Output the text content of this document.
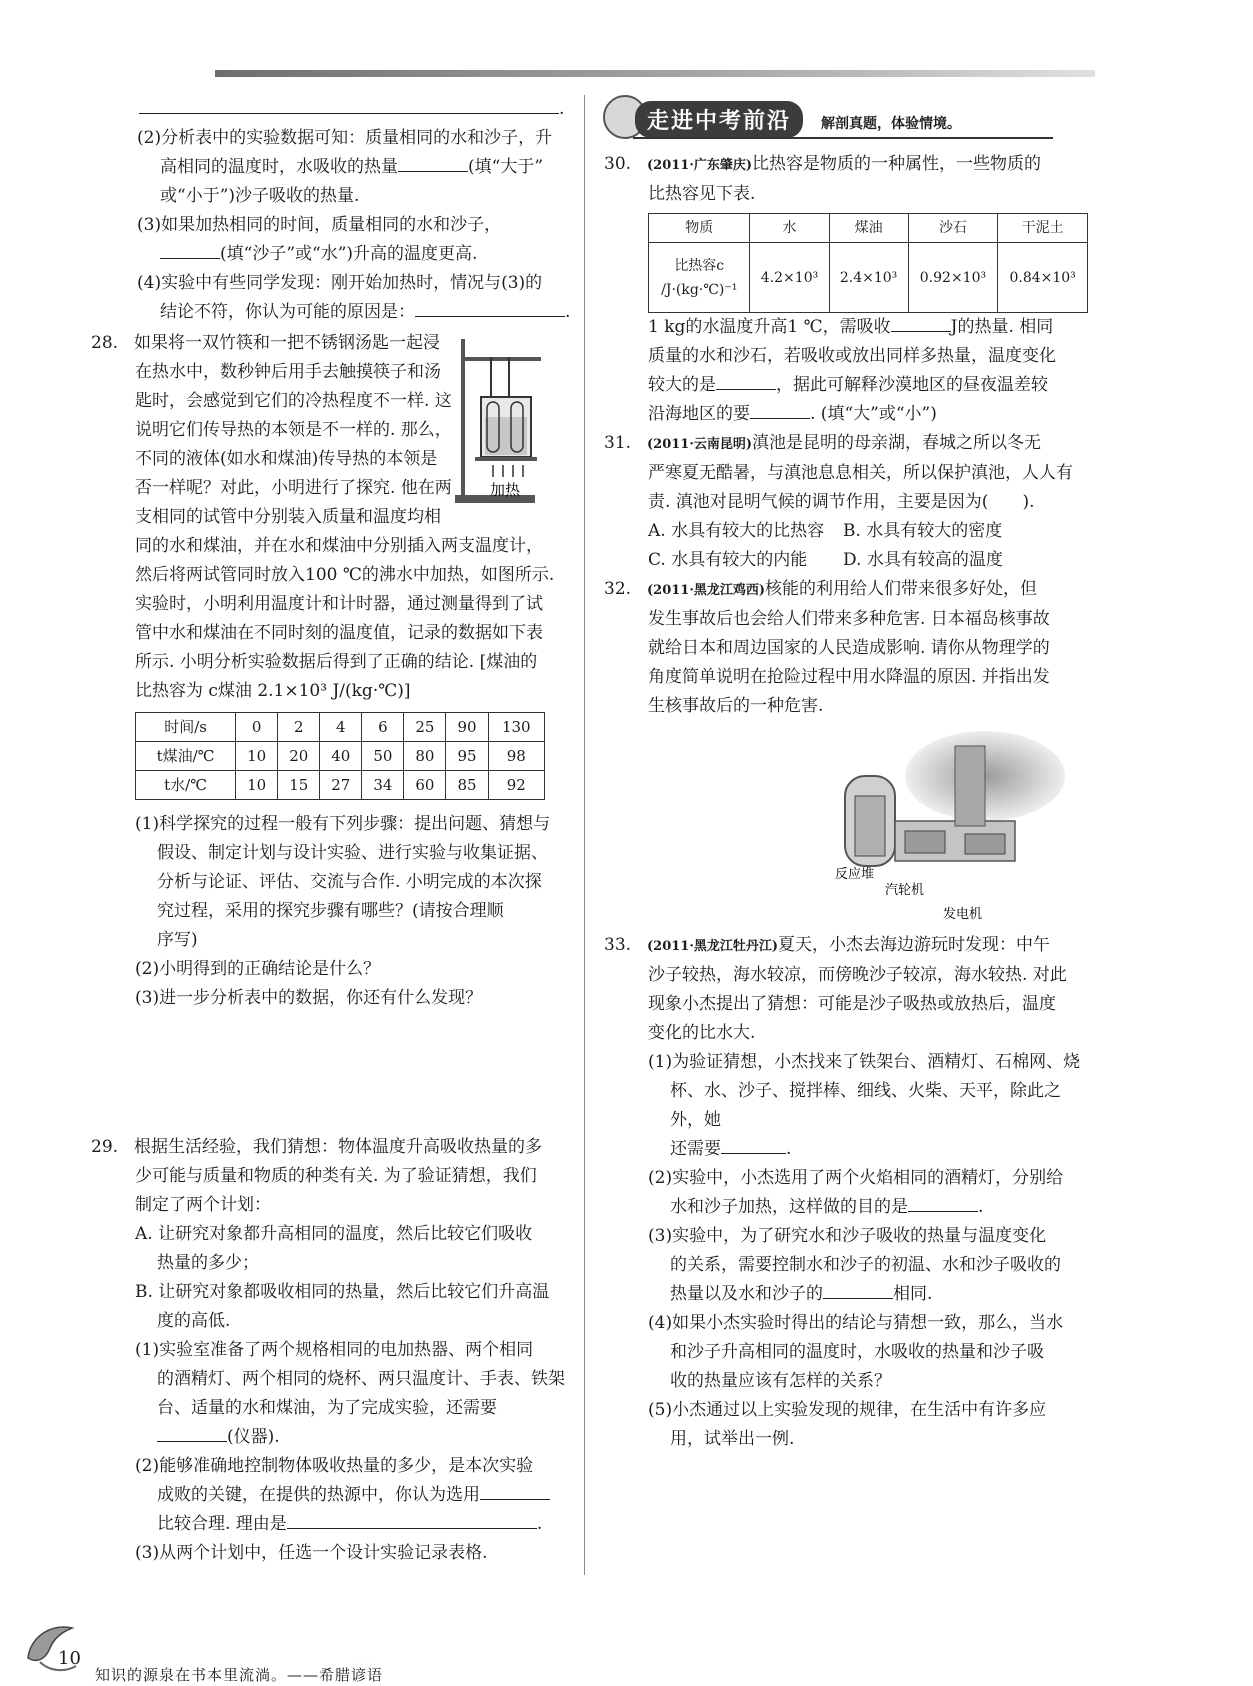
.

(2)分析表中的实验数据可知：质量相同的水和沙子，升

高相同的温度时，水吸收的热量	(填“大于”

或“小于”)沙子吸收的热量.

(3)如果加热相同的时间，质量相同的水和沙子，

(填“沙子”或“水”)升高的温度更高.

(4)实验中有些同学发现：刚开始加热时，情况与(3)的

结论不符，你认为可能的原因是：	.

28. 如果将一双竹筷和一把不锈钢汤匙一起浸

在热水中，数秒钟后用手去触摸筷子和汤

匙时，会感觉到它们的冷热程度不一样. 这

说明它们传导热的本领是不一样的. 那么，

不同的液体(如水和煤油)传导热的本领是

否一样呢？对此，小明进行了探究. 他在两

支相同的试管中分别装入质量和温度均相

同的水和煤油，并在水和煤油中分别插入两支温度计，

然后将两试管同时放入100 ℃的沸水中加热，如图所示.

实验时，小明利用温度计和计时器，通过测量得到了试

管中水和煤油在不同时刻的温度值，记录的数据如下表

所示. 小明分析实验数据后得到了正确的结论. [煤油的

比热容为 c煤油 2.1×10³ J/(kg·℃)]

加热
时间/s	0	2	4	6	25	90	130
t煤油/℃	10	20	40	50	80	95	98
t水/℃	10	15	27	34	60	85	92

(1)科学探究的过程一般有下列步骤：提出问题、猜想与

假设、制定计划与设计实验、进行实验与收集证据、

分析与论证、评估、交流与合作. 小明完成的本次探

究过程，采用的探究步骤有哪些？(请按合理顺

序写)

(2)小明得到的正确结论是什么？

(3)进一步分析表中的数据，你还有什么发现？

29. 根据生活经验，我们猜想：物体温度升高吸收热量的多

少可能与质量和物质的种类有关. 为了验证猜想，我们

制定了两个计划：

A. 让研究对象都升高相同的温度，然后比较它们吸收

热量的多少；

B. 让研究对象都吸收相同的热量，然后比较它们升高温

度的高低.

(1)实验室准备了两个规格相同的电加热器、两个相同

的酒精灯、两个相同的烧杯、两只温度计、手表、铁架

台、适量的水和煤油，为了完成实验，还需要

(仪器).

(2)能够准确地控制物体吸收热量的多少，是本次实验

成败的关键，在提供的热源中，你认为选用

比较合理. 理由是	.

(3)从两个计划中，任选一个设计实验记录表格.

走进中考前沿	解剖真题，体验情境。

30. (2011·广东肇庆)比热容是物质的一种属性，一些物质的

比热容见下表.

物质	水	煤油	沙石	干泥土
比热容c
/J·(kg·℃)⁻¹	4.2×10³	2.4×10³	0.92×10³	0.84×10³

1 kg的水温度升高1 ℃，需吸收	J的热量. 相同

质量的水和沙石，若吸收或放出同样多热量，温度变化

较大的是	，据此可解释沙漠地区的昼夜温差较

沿海地区的要	. (填“大”或“小”)

31. (2011·云南昆明)滇池是昆明的母亲湖，春城之所以冬无

严寒夏无酷暑，与滇池息息相关，所以保护滇池，人人有

责. 滇池对昆明气候的调节作用，主要是因为(　　).

A. 水具有较大的比热容 B. 水具有较大的密度

C. 水具有较大的内能 D. 水具有较高的温度

32. (2011·黑龙江鸡西)核能的利用给人们带来很多好处，但

发生事故后也会给人们带来多种危害. 日本福岛核事故

就给日本和周边国家的人民造成影响. 请你从物理学的

角度简单说明在抢险过程中用水降温的原因. 并指出发

生核事故后的一种危害.

反应堆
汽轮机
发电机

33. (2011·黑龙江牡丹江)夏天，小杰去海边游玩时发现：中午

沙子较热，海水较凉，而傍晚沙子较凉，海水较热. 对此

现象小杰提出了猜想：可能是沙子吸热或放热后，温度

变化的比水大.

(1)为验证猜想，小杰找来了铁架台、酒精灯、石棉网、烧

杯、水、沙子、搅拌棒、细线、火柴、天平，除此之外，她

还需要	.

(2)实验中，小杰选用了两个火焰相同的酒精灯，分别给

水和沙子加热，这样做的目的是	.

(3)实验中，为了研究水和沙子吸收的热量与温度变化

的关系，需要控制水和沙子的初温、水和沙子吸收的

热量以及水和沙子的	相同.

(4)如果小杰实验时得出的结论与猜想一致，那么，当水

和沙子升高相同的温度时，水吸收的热量和沙子吸

收的热量应该有怎样的关系？

(5)小杰通过以上实验发现的规律，在生活中有许多应

用，试举出一例.

10
知识的源泉在书本里流淌。——希腊谚语
